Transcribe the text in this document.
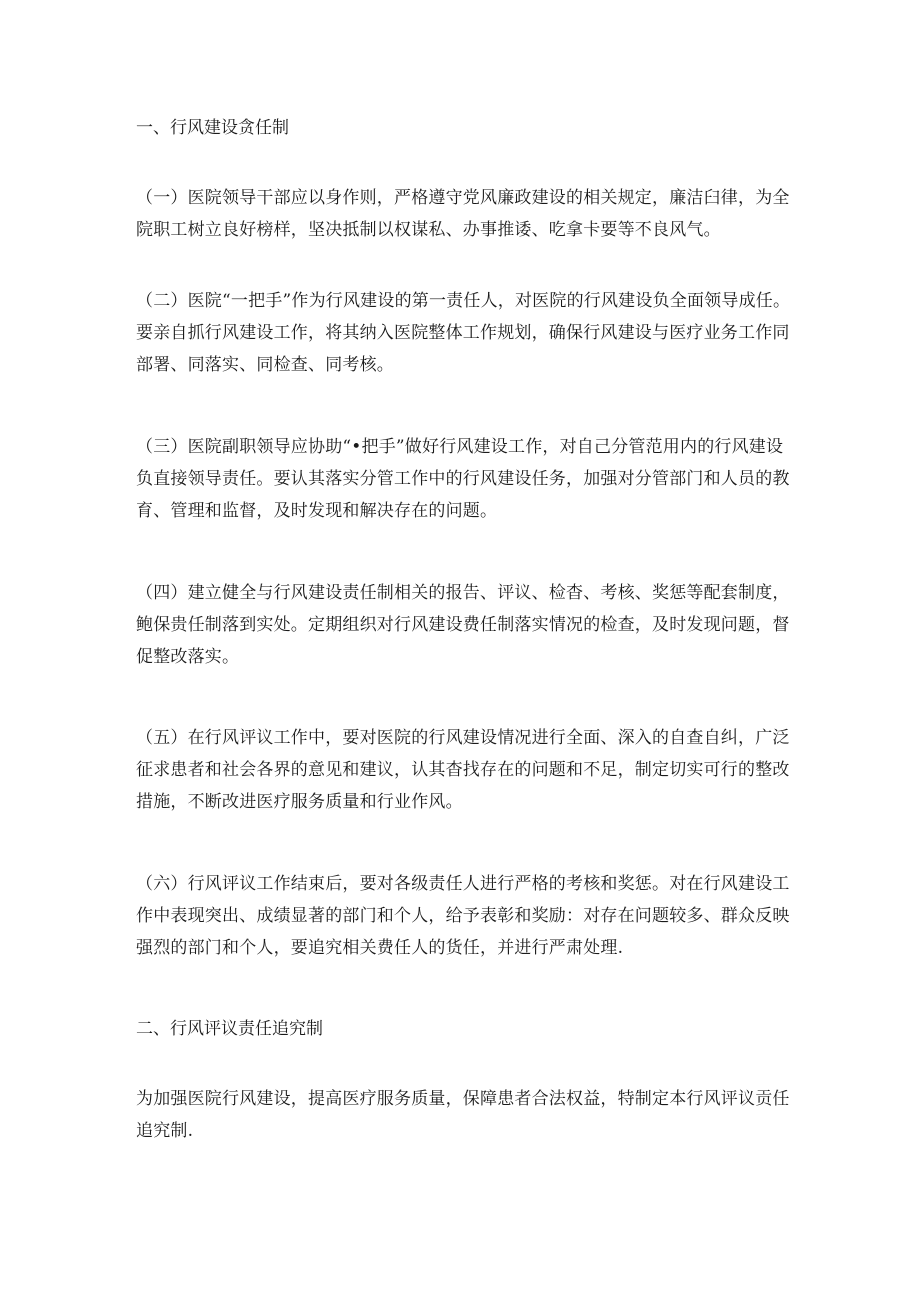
一、行风建设贪任制

（一）医院领导干部应以身作则，严格遵守党风廉政建设的相关规定，廉洁臼律，为全院职工树立良好榜样，坚决抵制以权谋私、办事推诿、吃拿卡要等不良风气。

（二）医院“一把手”作为行风建设的第一责任人，对医院的行风建设负全面领导成任。要亲自抓行风建设工作，将其纳入医院整体工作规划，确保行风建设与医疗业务工作同部署、同落实、同检查、同考核。

（三）医院副职领导应协助“•把手”做好行风建设工作，对自己分管范用内的行风建设负直接领导责任。要认其落实分管工作中的行风建设任务，加强对分管部门和人员的教育、管理和监督，及时发现和解决存在的问题。

（四）建立健全与行风建设责任制相关的报告、评议、检杳、考核、奖惩等配套制度，鲍保贵任制落到实处。定期组织对行风建设费任制落实情况的检查，及时发现问题，督促整改落实。

（五）在行风评议工作中，要对医院的行风建设情况进行全面、深入的自查自纠，广泛征求患者和社会各界的意见和建议，认其杳找存在的问题和不足，制定切实可行的整改措施，不断改进医疗服务质量和行业作风。

（六）行风评议工作结束后，要对各级责任人进行严格的考核和奖惩。对在行风建设工作中表现突出、成绩显著的部门和个人，给予表彰和奖励：对存在问题较多、群众反映强烈的部门和个人，要追究相关费任人的货任，并进行严肃处理.

二、行风评议责任追究制

为加强医院行风建设，提高医疗服务质量，保障患者合法权益，特制定本行风评议贡任追究制.
